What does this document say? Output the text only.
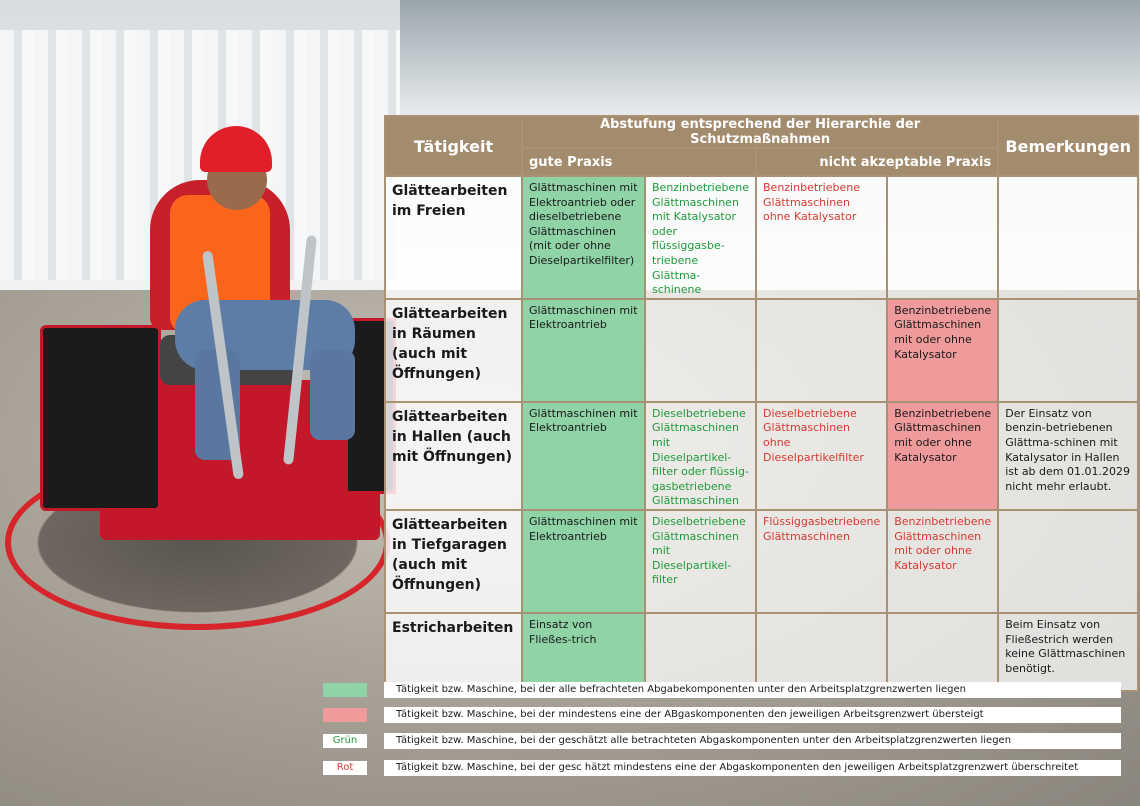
Tätigkeit	Abstufung entsprechend der Hierarchie der Schutzmaßnahmen				Bemerkungen
	gute Praxis		nicht akzeptable Praxis		
Glättearbeiten im Freien	Glättmaschinen mit Elektroantrieb oder dieselbetriebene Glättmaschinen (mit oder ohne Dieselpartikelfilter)	Benzinbetriebene Glättmaschinen mit Katalysator oder flüssiggasbe-triebene Glättma-schinene	Benzinbetriebene Glättmaschinen ohne Katalysator		
Glättearbeiten in Räumen (auch mit Öffnungen)	Glättmaschinen mit Elektroantrieb			Benzinbetriebene Glättmaschinen mit oder ohne Katalysator	
Glättearbeiten in Hallen (auch mit Öffnungen)	Glättmaschinen mit Elektroantrieb	Dieselbetriebene Glättmaschinen mit Dieselpartikel-filter oder flüssig-gasbetriebene Glättmaschinen	Dieselbetriebene Glättmaschinen ohne Dieselpartikelfilter	Benzinbetriebene Glättmaschinen mit oder ohne Katalysator	Der Einsatz von benzin-betriebenen Glättma-schinen mit Katalysator in Hallen ist ab dem 01.01.2029 nicht mehr erlaubt.
Glättearbeiten in Tiefgaragen (auch mit Öffnungen)	Glättmaschinen mit Elektroantrieb	Dieselbetriebene Glättmaschinen mit Dieselpartikel-filter	Flüssiggasbetriebene Glättmaschinen	Benzinbetriebene Glättmaschinen mit oder ohne Katalysator	
Estricharbeiten	Einsatz von Fließes-trich				Beim Einsatz von Fließestrich werden keine Glättmaschinen benötigt.
Tätigkeit bzw. Maschine, bei der alle befrachteten Abgabekomponenten unter den Arbeitsplatzgrenzwerten liegen
Tätigkeit bzw. Maschine, bei der mindestens eine der ABgaskomponenten den jeweiligen Arbeitsgrenzwert übersteigt
Grün	Tätigkeit bzw. Maschine, bei der geschätzt alle betrachteten Abgaskomponenten unter den Arbeitsplatzgrenzwerten liegen
Rot	Tätigkeit bzw. Maschine, bei der gesc hätzt mindestens eine der Abgaskomponenten den jeweiligen Arbeitsplatzgrenzwert überschreitet
